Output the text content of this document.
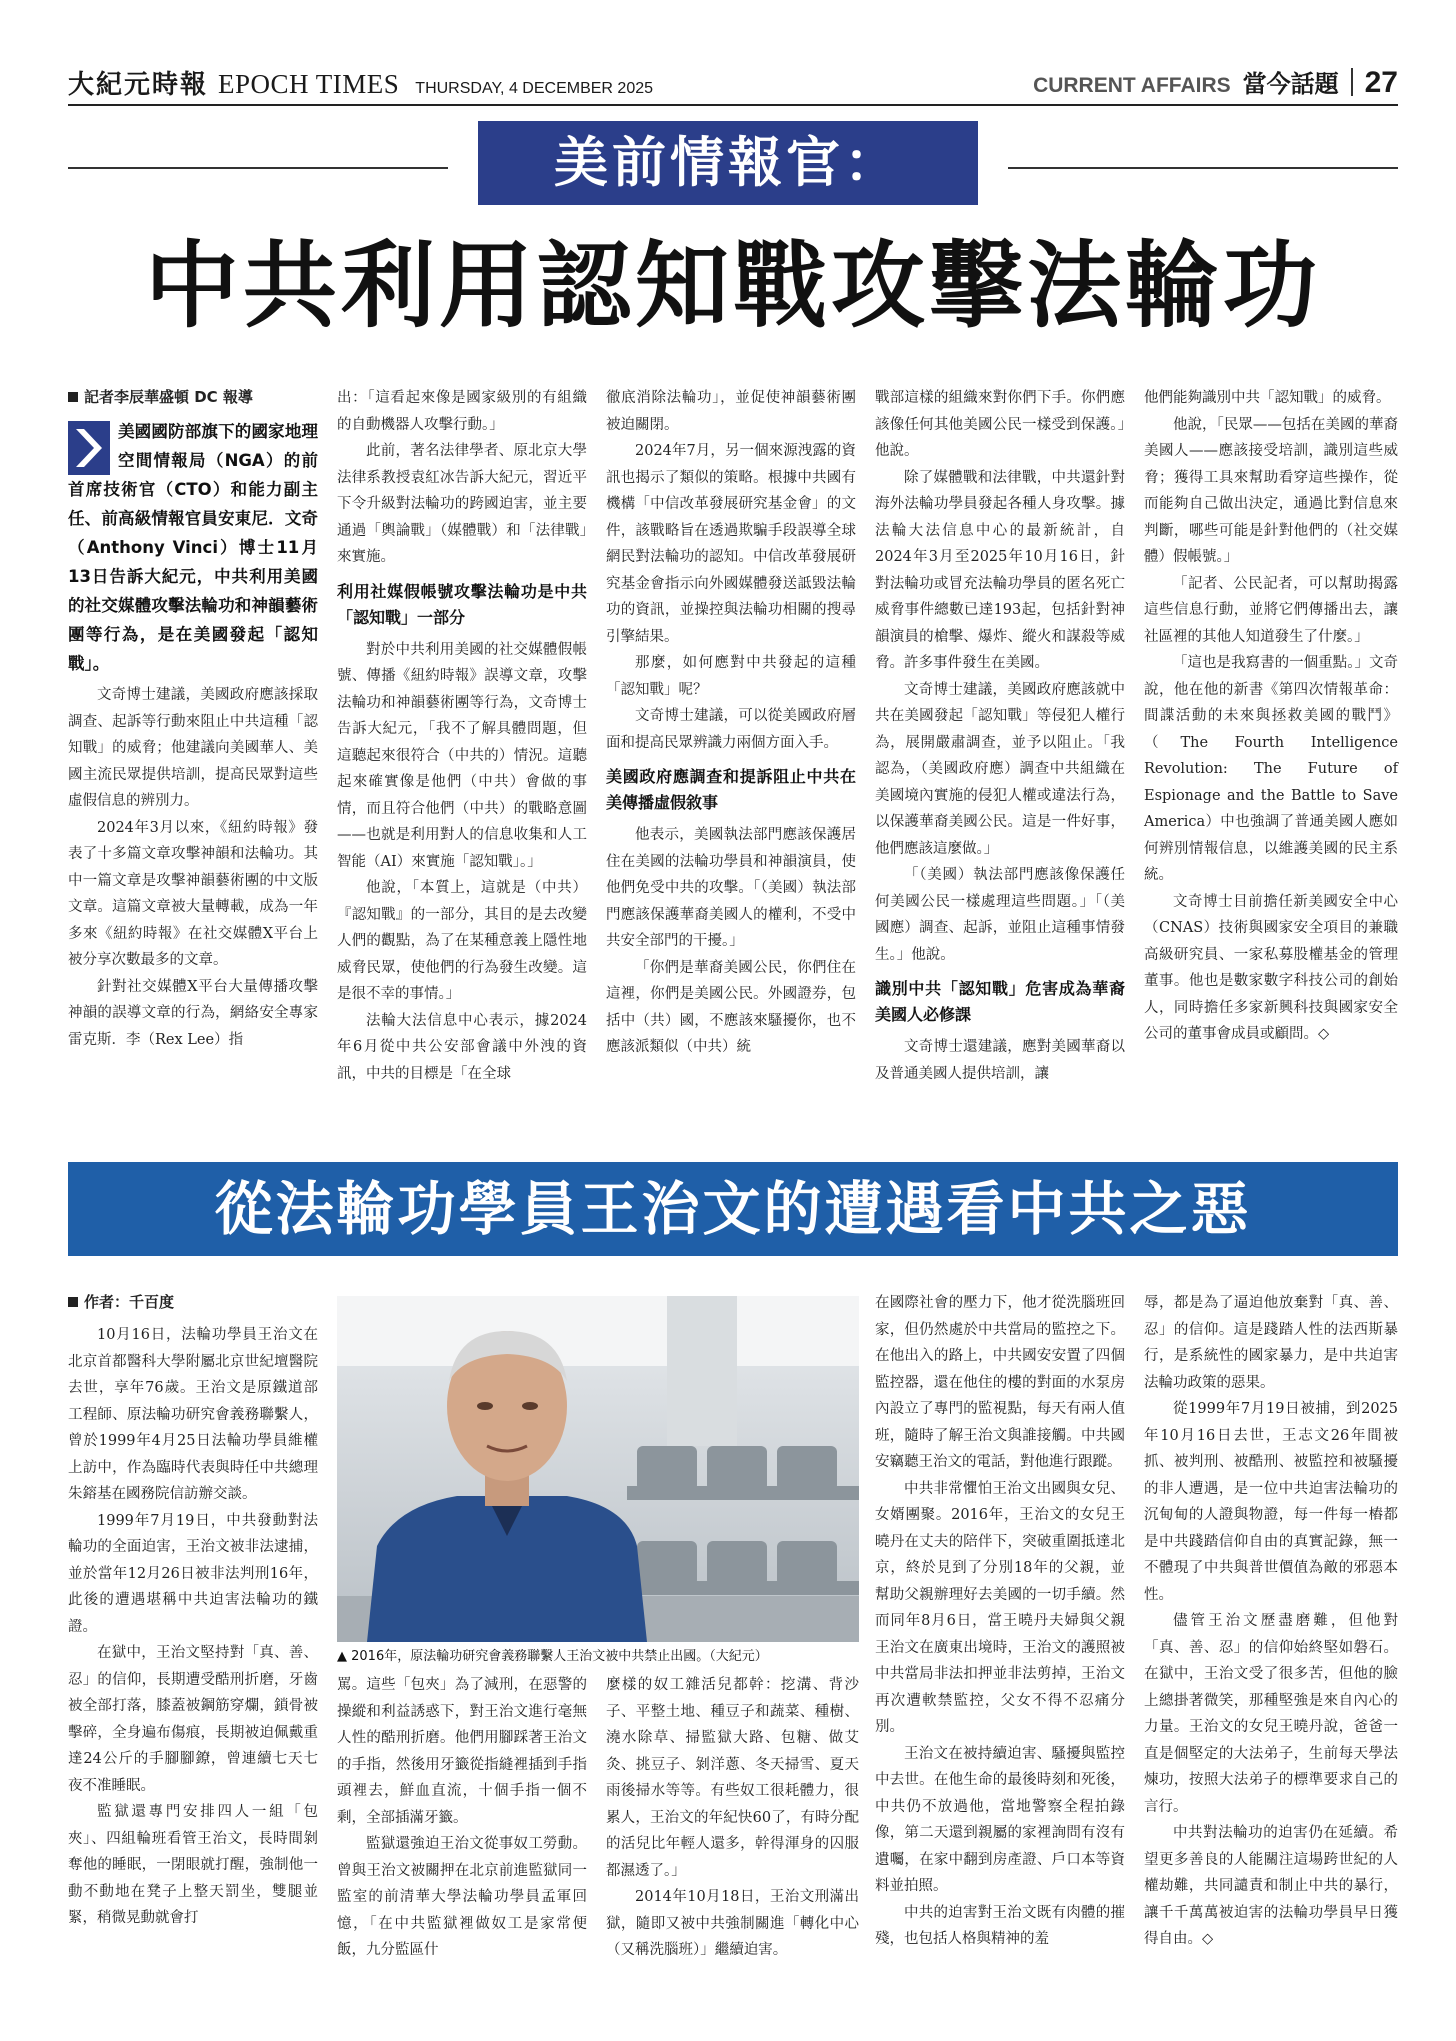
大紀元時報 EPOCH TIMES THURSDAY, 4 DECEMBER 2025	CURRENT AFFAIRS 當今話題 27
美前情報官：
中共利用認知戰攻擊法輪功
記者李辰華盛頓 DC 報導
美國國防部旗下的國家地理空間情報局（NGA）的前首席技術官（CTO）和能力副主任、前高級情報官員安東尼．文奇（Anthony Vinci）博士11月13日告訴大紀元，中共利用美國的社交媒體攻擊法輪功和神韻藝術團等行為，是在美國發起「認知戰」。

文奇博士建議，美國政府應該採取調查、起訴等行動來阻止中共這種「認知戰」的威脅；他建議向美國華人、美國主流民眾提供培訓，提高民眾對這些虛假信息的辨別力。

2024年3月以來，《紐約時報》發表了十多篇文章攻擊神韻和法輪功。其中一篇文章是攻擊神韻藝術團的中文版文章。這篇文章被大量轉載，成為一年多來《紐約時報》在社交媒體X平台上被分享次數最多的文章。

針對社交媒體X平台大量傳播攻擊神韻的誤導文章的行為，網絡安全專家雷克斯．李（Rex Lee）指

出：「這看起來像是國家級別的有組織的自動機器人攻擊行動。」

此前，著名法律學者、原北京大學法律系教授袁紅冰告訴大紀元，習近平下令升級對法輪功的跨國迫害，並主要通過「輿論戰」（媒體戰）和「法律戰」來實施。

利用社媒假帳號攻擊法輪功是中共「認知戰」一部分

對於中共利用美國的社交媒體假帳號、傳播《紐約時報》誤導文章，攻擊法輪功和神韻藝術團等行為，文奇博士告訴大紀元，「我不了解具體問題，但這聽起來很符合（中共的）情況。這聽起來確實像是他們（中共）會做的事情，而且符合他們（中共）的戰略意圖——也就是利用對人的信息收集和人工智能（AI）來實施「認知戰」。」

他說，「本質上，這就是（中共）『認知戰』的一部分，其目的是去改變人們的觀點，為了在某種意義上隱性地威脅民眾，使他們的行為發生改變。這是很不幸的事情。」

法輪大法信息中心表示，據2024年6月從中共公安部會議中外洩的資訊，中共的目標是「在全球

徹底消除法輪功」，並促使神韻藝術團被迫關閉。

2024年7月，另一個來源洩露的資訊也揭示了類似的策略。根據中共國有機構「中信改革發展研究基金會」的文件，該戰略旨在透過欺騙手段誤導全球網民對法輪功的認知。中信改革發展研究基金會指示向外國媒體發送詆毀法輪功的資訊，並操控與法輪功相關的搜尋引擎結果。

那麼，如何應對中共發起的這種「認知戰」呢？

文奇博士建議，可以從美國政府層面和提高民眾辨識力兩個方面入手。

美國政府應調查和提訴阻止中共在美傳播虛假敘事

他表示，美國執法部門應該保護居住在美國的法輪功學員和神韻演員，使他們免受中共的攻擊。「（美國）執法部門應該保護華裔美國人的權利，不受中共安全部門的干擾。」

「你們是華裔美國公民，你們住在這裡，你們是美國公民。外國證券，包括中（共）國，不應該來騷擾你，也不應該派類似（中共）統

戰部這樣的組織來對你們下手。你們應該像任何其他美國公民一樣受到保護。」他說。

除了媒體戰和法律戰，中共還針對海外法輪功學員發起各種人身攻擊。據法輪大法信息中心的最新統計，自2024年3月至2025年10月16日，針對法輪功或冒充法輪功學員的匿名死亡威脅事件總數已達193起，包括針對神韻演員的槍擊、爆炸、縱火和謀殺等威脅。許多事件發生在美國。

文奇博士建議，美國政府應該就中共在美國發起「認知戰」等侵犯人權行為，展開嚴肅調查，並予以阻止。「我認為，（美國政府應）調查中共組織在美國境內實施的侵犯人權或違法行為，以保護華裔美國公民。這是一件好事，他們應該這麼做。」

「（美國）執法部門應該像保護任何美國公民一樣處理這些問題。」「（美國應）調查、起訴，並阻止這種事情發生。」他說。

識別中共「認知戰」危害成為華裔美國人必修課

文奇博士還建議，應對美國華裔以及普通美國人提供培訓，讓

他們能夠識別中共「認知戰」的威脅。

他說，「民眾——包括在美國的華裔美國人——應該接受培訓，識別這些威脅；獲得工具來幫助看穿這些操作，從而能夠自己做出決定，通過比對信息來判斷，哪些可能是針對他們的（社交媒體）假帳號。」

「記者、公民記者，可以幫助揭露這些信息行動，並將它們傳播出去，讓社區裡的其他人知道發生了什麼。」

「這也是我寫書的一個重點。」文奇說，他在他的新書《第四次情報革命：間諜活動的未來與拯救美國的戰鬥》（The Fourth Intelligence Revolution: The Future of Espionage and the Battle to Save America）中也強調了普通美國人應如何辨別情報信息，以維護美國的民主系統。

文奇博士目前擔任新美國安全中心（CNAS）技術與國家安全項目的兼職高級研究員、一家私募股權基金的管理董事。他也是數家數字科技公司的創始人，同時擔任多家新興科技與國家安全公司的董事會成員或顧問。◇

從法輪功學員王治文的遭遇看中共之惡
作者：千百度

10月16日，法輪功學員王治文在北京首都醫科大學附屬北京世紀壇醫院去世，享年76歲。王治文是原鐵道部工程師、原法輪功研究會義務聯繫人，曾於1999年4月25日法輪功學員維權上訪中，作為臨時代表與時任中共總理朱鎔基在國務院信訪辦交談。

1999年7月19日，中共發動對法輪功的全面迫害，王治文被非法逮捕，並於當年12月26日被非法判刑16年，此後的遭遇堪稱中共迫害法輪功的鐵證。

在獄中，王治文堅持對「真、善、忍」的信仰，長期遭受酷刑折磨，牙齒被全部打落，膝蓋被鋼筋穿爛，鎖骨被擊碎，全身遍布傷痕，長期被迫佩戴重達24公斤的手腳腳鐐，曾連續七天七夜不准睡眠。

監獄還專門安排四人一組「包夾」、四組輪班看管王治文，長時間剝奪他的睡眠，一閉眼就打醒，強制他一動不動地在凳子上整天罰坐，雙腿並緊，稍微晃動就會打

▲ 2016年，原法輪功研究會義務聯繫人王治文被中共禁止出國。（大紀元）

罵。這些「包夾」為了減刑，在惡警的操縱和利益誘惑下，對王治文進行毫無人性的酷刑折磨。他們用腳踩著王治文的手指，然後用牙籤從指縫裡插到手指頭裡去，鮮血直流，十個手指一個不剩，全部插滿牙籤。

監獄還強迫王治文從事奴工勞動。曾與王治文被關押在北京前進監獄同一監室的前清華大學法輪功學員孟軍回憶，「在中共監獄裡做奴工是家常便飯，九分監區什

麼樣的奴工雜活兒都幹：挖溝、背沙子、平整土地、種豆子和蔬菜、種樹、澆水除草、掃監獄大路、包糖、做艾灸、挑豆子、剝洋蔥、冬天掃雪、夏天雨後掃水等等。有些奴工很耗體力，很累人，王治文的年紀快60了，有時分配的活兒比年輕人還多，幹得渾身的囚服都濕透了。」

2014年10月18日，王治文刑滿出獄，隨即又被中共強制關進「轉化中心（又稱洗腦班）」繼續迫害。

在國際社會的壓力下，他才從洗腦班回家，但仍然處於中共當局的監控之下。在他出入的路上，中共國安安置了四個監控器，還在他住的樓的對面的水泵房內設立了專門的監視點，每天有兩人值班，隨時了解王治文與誰接觸。中共國安竊聽王治文的電話，對他進行跟蹤。

中共非常懼怕王治文出國與女兒、女婿團聚。2016年，王治文的女兒王曉丹在丈夫的陪伴下，突破重圍抵達北京，終於見到了分別18年的父親，並幫助父親辦理好去美國的一切手續。然而同年8月6日，當王曉丹夫婦與父親王治文在廣東出境時，王治文的護照被中共當局非法扣押並非法剪掉，王治文再次遭軟禁監控，父女不得不忍痛分別。

王治文在被持續迫害、騷擾與監控中去世。在他生命的最後時刻和死後，中共仍不放過他，當地警察全程拍錄像，第二天還到親屬的家裡詢問有沒有遺囑，在家中翻到房產證、戶口本等資料並拍照。

中共的迫害對王治文既有肉體的摧殘，也包括人格與精神的羞

辱，都是為了逼迫他放棄對「真、善、忍」的信仰。這是踐踏人性的法西斯暴行，是系統性的國家暴力，是中共迫害法輪功政策的惡果。

從1999年7月19日被捕，到2025年10月16日去世，王志文26年間被抓、被判刑、被酷刑、被監控和被騷擾的非人遭遇，是一位中共迫害法輪功的沉甸甸的人證與物證，每一件每一樁都是中共踐踏信仰自由的真實記錄，無一不體現了中共與普世價值為敵的邪惡本性。

儘管王治文歷盡磨難，但他對「真、善、忍」的信仰始終堅如磐石。在獄中，王治文受了很多苦，但他的臉上總掛著微笑，那種堅強是來自內心的力量。王治文的女兒王曉丹說，爸爸一直是個堅定的大法弟子，生前每天學法煉功，按照大法弟子的標準要求自己的言行。

中共對法輪功的迫害仍在延續。希望更多善良的人能關注這場跨世紀的人權劫難，共同譴責和制止中共的暴行，讓千千萬萬被迫害的法輪功學員早日獲得自由。◇
